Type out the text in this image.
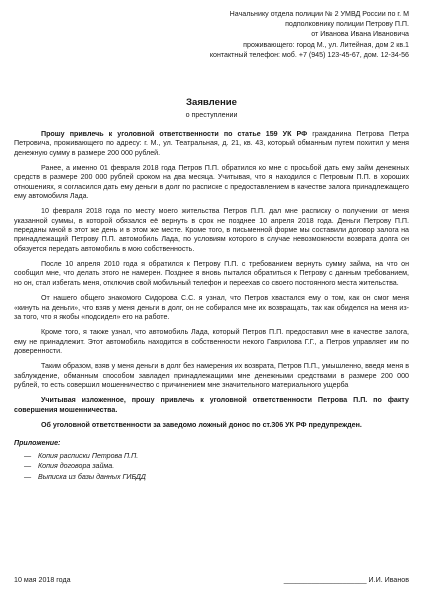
Начальнику отдела полиции № 2 УМВД России по г. М
подполковнику полиции Петрову П.П.
от Иванова Ивана Ивановича
проживающего: город М., ул. Литейная, дом 2 кв.1
контактный телефон: моб. +7 (945) 123-45-67, дом. 12-34-56
Заявление
о преступлении

Прошу привлечь к уголовной ответственности по статье 159 УК РФ гражданина Петрова Петра Петровича, проживающего по адресу: г. М., ул. Театральная, д. 21, кв. 43, который обманным путем похитил у меня денежную сумму в размере 200 000 рублей.

Ранее, а именно 01 февраля 2018 года Петров П.П. обратился ко мне с просьбой дать ему займ денежных средств в размере 200 000 рублей сроком на два месяца. Учитывая, что я находился с Петровым П.П. в хороших отношениях, я согласился дать ему деньги в долг по расписке с предоставлением в качестве залога принадлежащего ему автомобиля Лада.

10 февраля 2018 года по месту моего жительства Петров П.П. дал мне расписку о получении от меня указанной суммы, в которой обязался её вернуть в срок не позднее 10 апреля 2018 года. Деньги Петрову П.П. переданы мной в этот же день и в этом же месте. Кроме того, в письменной форме мы составили договор залога на принадлежащий Петрову П.П. автомобиль Лада, по условиям которого в случае невозможности возврата долга он обязуется передать автомобиль в мою собственность.

После 10 апреля 2010 года я обратился к Петрову П.П. с требованием вернуть сумму займа, на что он сообщил мне, что делать этого не намерен. Позднее я вновь пытался обратиться к Петрову с данным требованием, но он, стал избегать меня, отключив свой мобильный телефон и переехав со своего постоянного места жительства.

От нашего общего знакомого Сидорова С.С. я узнал, что Петров хвастался ему о том, как он смог меня «кинуть на деньги», что взяв у меня деньги в долг, он не собирался мне их возвращать, так как обиделся на меня из-за того, что я якобы «подсидел» его на работе.

Кроме того, я также узнал, что автомобиль Лада, который Петров П.П. предоставил мне в качестве залога, ему не принадлежит. Этот автомобиль находится в собственности некого Гаврилова Г.Г., а Петров управляет им по доверенности.

Таким образом, взяв у меня деньги в долг без намерения их возврата, Петров П.П., умышленно, введя меня в заблуждение, обманным способом завладел принадлежащими мне денежными средствами в размере 200 000 рублей, то есть совершил мошенничество с причинением мне значительного материального ущерба

Учитывая изложенное, прошу привлечь к уголовной ответственности Петрова П.П. по факту совершения мошенничества.

Об уголовной ответственности за заведомо ложный донос по ст.306 УК РФ предупрежден.

Приложение:
— Копия расписки Петрова П.П.
— Копия договора займа.
— Выписка из базы данных ГИБДД
10 мая 2018 года	_____________________ И.И. Иванов
